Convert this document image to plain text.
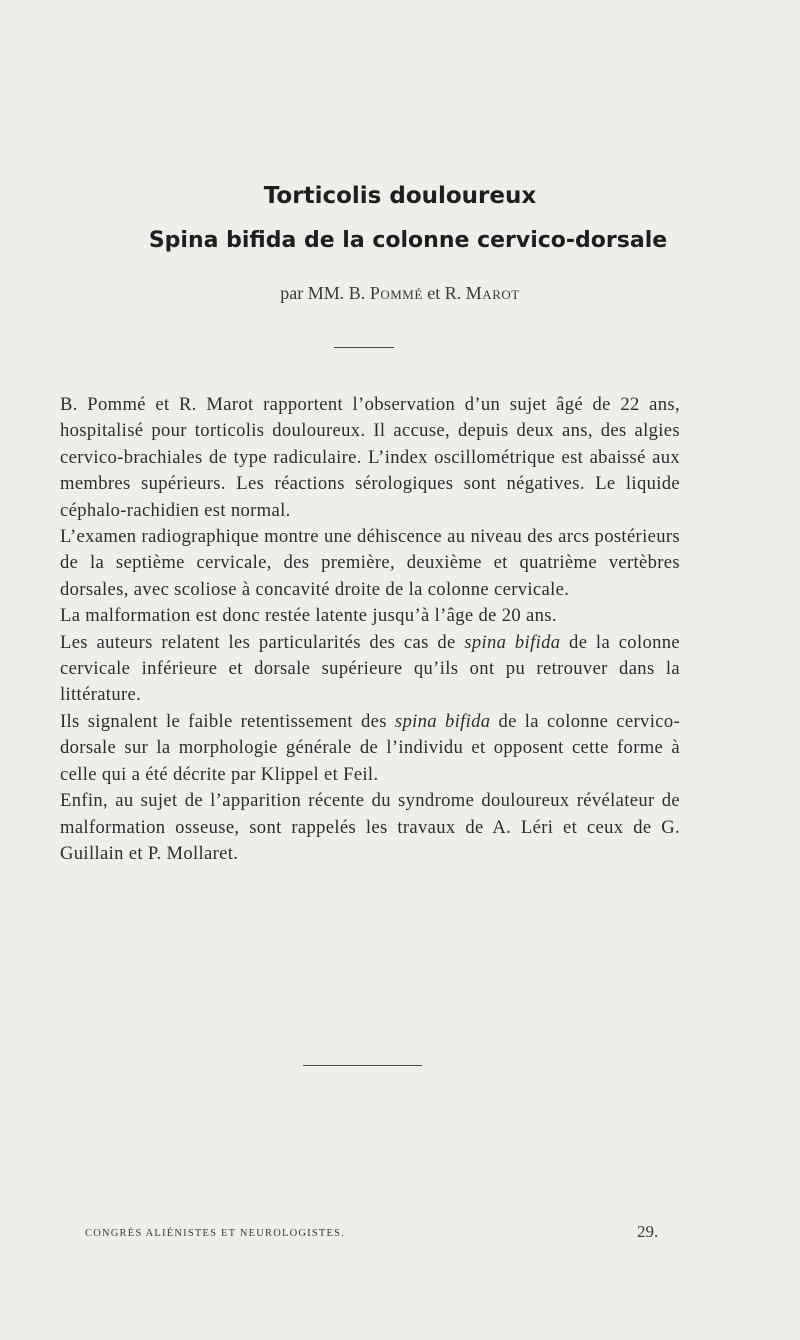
Torticolis douloureux
Spina bifida de la colonne cervico-dorsale
par MM. B. Pommé et R. Marot

B. Pommé et R. Marot rapportent l’observation d’un sujet âgé de 22 ans, hospitalisé pour torticolis douloureux. Il accuse, depuis deux ans, des algies cervico-brachiales de type radiculaire. L’index oscillométrique est abaissé aux membres supérieurs. Les réactions sérologiques sont négatives. Le liquide céphalo-rachidien est normal.

L’examen radiographique montre une déhiscence au niveau des arcs postérieurs de la septième cervicale, des première, deuxième et quatrième vertèbres dorsales, avec scoliose à concavité droite de la colonne cervicale.

La malformation est donc restée latente jusqu’à l’âge de 20 ans.

Les auteurs relatent les particularités des cas de spina bifida de la colonne cervicale inférieure et dorsale supérieure qu’ils ont pu retrouver dans la littérature.

Ils signalent le faible retentissement des spina bifida de la colonne cervico-dorsale sur la morphologie générale de l’individu et opposent cette forme à celle qui a été décrite par Klippel et Feil.

Enfin, au sujet de l’apparition récente du syndrome douloureux révélateur de malformation osseuse, sont rappelés les travaux de A. Léri et ceux de G. Guillain et P. Mollaret.

CONGRÈS ALIÉNISTES ET NEUROLOGISTES.	29.
